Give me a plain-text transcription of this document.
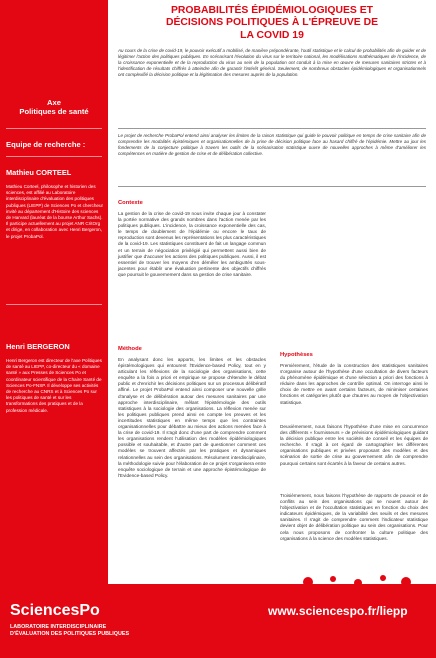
Axe
Politiques de santé
Equipe de recherche :
Mathieu CORTEEL
Mathieu Corteel, philosophe et historien des sciences, est affilié au Laboratoire interdisciplinaire d'évaluation des politiques publiques (LIEPP) de Sciences Po et chercheur invité au département d'Histoire des sciences de Harvard (lauréat de la bourse Arthur Sachs). Il participe actuellement au projet ANR CritOrg et dirige, en collaboration avec Henri Bergeron, le projet ProbaPol.
Henri BERGERON
Henri Bergeron est directeur de l'axe Politiques de santé au LIEPP, co-directeur du « domaine santé » aux Presses de Sciences Po et coordinateur scientifique de la Chaire Santé de Sciences Po-FNSP. Il développe ses activités de recherche au CNRS et à Sciences Po sur les politiques de santé et sur les transformations des pratiques et de la profession médicale.
PROBABILITÉS ÉPIDÉMIOLOGIQUES ET
DÉCISIONS POLITIQUES À L'ÉPREUVE DE
LA COVID 19
Au cours de la crise de covid-19, le pouvoir exécutif a mobilisé, de manière prépondérante, l'outil statistique et le calcul de probabilités afin de guider et de légitimer l'action des politiques publiques. En scénarisant l'évolution du virus sur le territoire national, les modélisations mathématiques de l'incidence, de la croissance exponentielle et de la reproduction du virus au sein de la population ont conduit à la mise en œuvre de mesures sanitaires strictes et à l'identification de résultats chiffrés à atteindre afin de garantir l'intérêt général. Seulement, de nombreux obstacles épidémiologiques et organisationnels ont complexifié la décision politique et la légitimation des mesures auprès de la population.
Le projet de recherche ProbaPol entend ainsi analyser les limites de la raison statistique qui guide le pouvoir politique en temps de crise sanitaire afin de comprendre les modalités épistémiques et organisationnelles de la prise de décision politique face au hasard chiffré de l'épidémie. Mettre au jour les fondements de la conjecture politique à travers les outils de la scénarisation statistique ouvre de nouvelles approches à même d'améliorer les compétences en matière de gestion de crise et de délibération collective.
Contexte
La gestion de la crise de covid-19 nous invite chaque jour à constater la portée normative des grands nombres dans l'action menée par les politiques publiques. L'incidence, la croissance exponentielle des cas, le temps de doublement de l'épidémie ou encore le taux de reproduction sont devenus les représentations les plus caractéristiques de la covid-19. Les statistiques constituent de fait un langage commun et un terrain de négociation privilégié qui permettent aussi bien de justifier que d'accuser les actions des politiques publiques. Aussi, il est essentiel de trouver les moyens d'en démêler les ambiguïtés sous-jacentes pour établir une évaluation pertinente des objectifs chiffrés que poursuit le gouvernement dans sa gestion de crise sanitaire.
Méthode
En analysant donc les apports, les limites et les obstacles épistémologiques qui entourent l'Evidence-based Policy, tout en y articulant les réflexions de la sociologie des organisations, cette enquête a la fois a priori et empirique se propose d'étendre le débat public et d'enrichir les décisions politiques sur un processus délibératif affiné. Le projet ProbaPol entend ainsi composer une nouvelle grille d'analyse et de délibération autour des mesures sanitaires par une approche interdisciplinaire, mêlant l'épistémologie des outils statistiques à la sociologie des organisations. La réflexion menée sur les politiques publiques prend ainsi en compte les preuves et les incertitudes statistiques en même temps que les contraintes organisationnelles pour débattre au mieux des actions menées face à la crise de covid-19. Il s'agit donc d'une part de comprendre comment les organisations rendent l'utilisation des modèles épidémiologiques possible et souhaitable, et d'autre part de questionner comment ces modèles se trouvent affectés par les pratiques et dynamiques relationnelles au sein des organisations. Résolument interdisciplinaire, la méthodologie suivie pour l'élaboration de ce projet s'organisera entre enquête sociologique de terrain et une approche épistémologique de l'Evidence-based Policy.
Hypothèses
Premièrement, l'étude de la construction des statistiques sanitaires s'organise autour de l'hypothèse d'une occultation de divers facteurs du phénomène épidémique et d'une sélection a priori des fonctions à réduire dans les approches de contrôle optimal. On interroge ainsi le choix de mettre en avant certains facteurs, de minimiser certaines fonctions et catégories plutôt que d'autres au moyen de l'objectivation statistique.
Deuxièmement, nous faisons l'hypothèse d'une mise en concurrence des différents « fournisseurs » de prévisions épidémiologiques guidant la décision publique entre les sociétés de conseil et les équipes de recherche. Il s'agit à cet égard de cartographier les différentes organisations publiques et privées proposant des modèles et des scénarios de sortie de crise au gouvernement afin de comprendre pourquoi certains sont écartés à la faveur de certains autres.
Troisièmement, nous faisons l'hypothèse de rapports de pouvoir et de conflits au sein des organisations qui se nouent autour de l'objectivation et de l'occultation statistiques en fonction du choix des indicateurs épidémiques, de la variabilité des seuils et des mesures sanitaires. Il s'agit de comprendre comment l'indicateur statistique devient objet de délibération politique au sein des organisations. Pour cela nous proposons de confronter la culture politique des organisations à la science des modèles statistiques.
SciencesPo
LABORATOIRE INTERDISCIPLINAIRE
D'ÉVALUATION DES POLITIQUES PUBLIQUES
www.sciencespo.fr/liepp
